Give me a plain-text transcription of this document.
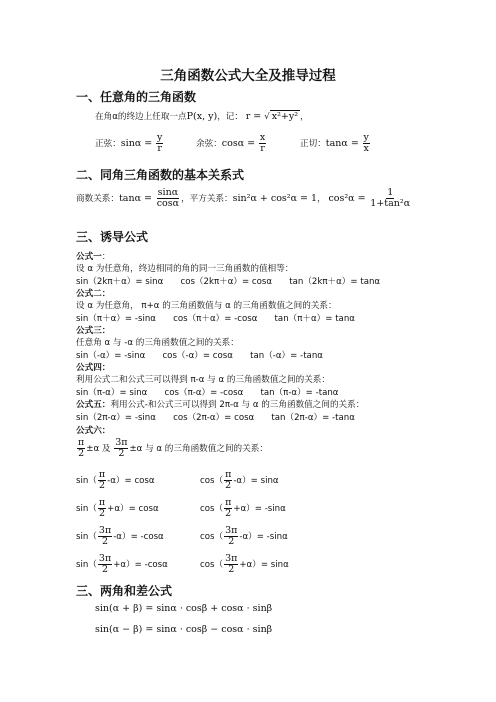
三角函数公式大全及推导过程
一、任意角的三角函数
在角α的终边上任取一点P(x, y)，记： r = √ x²+y² ，
正弦：$\sin\alpha = \frac{y}{r}$	余弦：$\cos\alpha = \frac{x}{r}$	正切：$\tan\alpha = \frac{y}{x}$
二、同角三角函数的基本关系式
商数关系：$\tan\alpha = \frac{\sin\alpha}{\cos\alpha}$ ，平方关系：sin²α + cos²α = 1， $\cos^2\alpha = \frac{1}{\text{1+tan²α}}$
三、诱导公式
公式一：
设 α 为任意角，终边相同的角的同一三角函数的值相等：
sin（2kπ＋α）= sinα　　cos（2kπ＋α）= cosα　　tan（2kπ＋α）= tanα
公式二：
设 α 为任意角， π+α 的三角函数值与 α 的三角函数值之间的关系：
sin（π＋α）= -sinα　　cos（π＋α）= -cosα　　tan（π＋α）= tanα
公式三：
任意角 α 与 -α 的三角函数值之间的关系：
sin（-α）= -sinα　　cos（-α）= cosα　　tan（-α）= -tanα
公式四：
利用公式二和公式三可以得到 π-α 与 α 的三角函数值之间的关系：
sin（π-α）= sinα　　cos（π-α）= -cosα　　tan（π-α）= -tanα
公式五：利用公式-和公式三可以得到 2π-α 与 α 的三角函数值之间的关系：
sin（2π-α）= -sinα　　cos（2π-α）= cosα　　tan（2π-α）= -tanα
公式六：
$\frac{\pi}{2} \pm\alpha$ 及 $\frac{3\pi}{2} \pm\alpha$ 与 α 的三角函数值之间的关系：
$\sin( \frac{\pi}{2} -\alpha)= \cos\alpha$	$\cos( \frac{\pi}{2} -\alpha)= \sin\alpha$
$\sin( \frac{\pi}{2} +\alpha)= \cos\alpha$	$\cos( \frac{\pi}{2} +\alpha)= -\sin\alpha$
$\sin( \frac{3\pi}{2} -\alpha)= -\cos\alpha$	$\cos( \frac{3\pi}{2} -\alpha)= -\sin\alpha$
$\sin( \frac{3\pi}{2} +\alpha)= -\cos\alpha$	$\cos( \frac{3\pi}{2} +\alpha)= \sin\alpha$
三、两角和差公式
sin(α + β) = sinα · cosβ + cosα · sinβ
sin(α − β) = sinα · cosβ − cosα · sinβ
